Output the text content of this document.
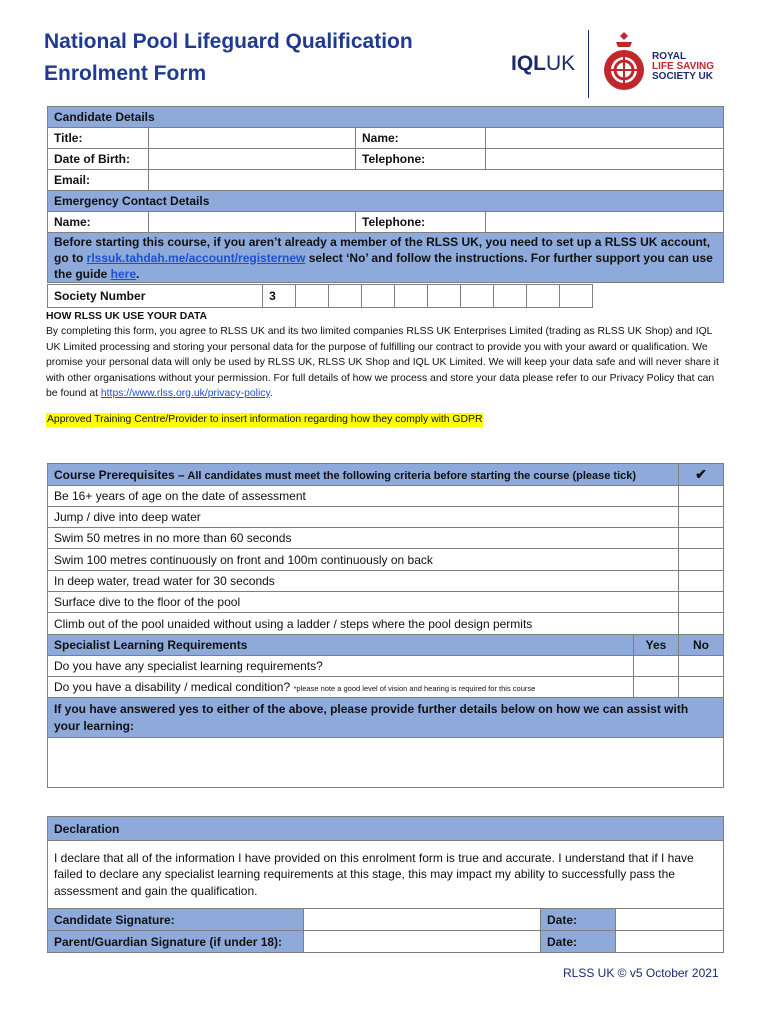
National Pool Lifeguard Qualification
Enrolment Form	IQLUK	ROYAL
LIFE SAVING
SOCIETY UK
Candidate Details			
Title:		Name:	
Date of Birth:		Telephone:	
Email:			
Emergency Contact Details			
Name:		Telephone:	
Before starting this course, if you aren’t already a member of the RLSS UK, you need to set up a RLSS UK account, go to rlssuk.tahdah.me/account/registernew select ‘No’ and follow the instructions. For further support you can use the guide here.			
Society Number	3										
HOW RLSS UK USE YOUR DATA
By completing this form, you agree to RLSS UK and its two limited companies RLSS UK Enterprises Limited (trading as RLSS UK Shop) and IQL UK Limited processing and storing your personal data for the purpose of fulfilling our contract to provide you with your award or qualification. We promise your personal data will only be used by RLSS UK, RLSS UK Shop and IQL UK Limited. We will keep your data safe and will never share it with other organisations without your permission. For full details of how we process and store your data please refer to our Privacy Policy that can be found at https://www.rlss.org.uk/privacy-policy.
Approved Training Centre/Provider to insert information regarding how they comply with GDPR
Course Prerequisites – All candidates must meet the following criteria before starting the course (please tick)		✔
Be 16+ years of age on the date of assessment		
Jump / dive into deep water		
Swim 50 metres in no more than 60 seconds		
Swim 100 metres continuously on front and 100m continuously on back		
In deep water, tread water for 30 seconds		
Surface dive to the floor of the pool		
Climb out of the pool unaided without using a ladder / steps where the pool design permits		
Specialist Learning Requirements	Yes	No
Do you have any specialist learning requirements?		
Do you have a disability / medical condition? *please note a good level of vision and hearing is required for this course		
If you have answered yes to either of the above, please provide further details below on how we can assist with your learning:		

Declaration			
I declare that all of the information I have provided on this enrolment form is true and accurate. I understand that if I have failed to declare any specialist learning requirements at this stage, this may impact my ability to successfully pass the assessment and gain the qualification.			
Candidate Signature:		Date:	
Parent/Guardian Signature (if under 18):		Date:	
RLSS UK © v5 October 2021
